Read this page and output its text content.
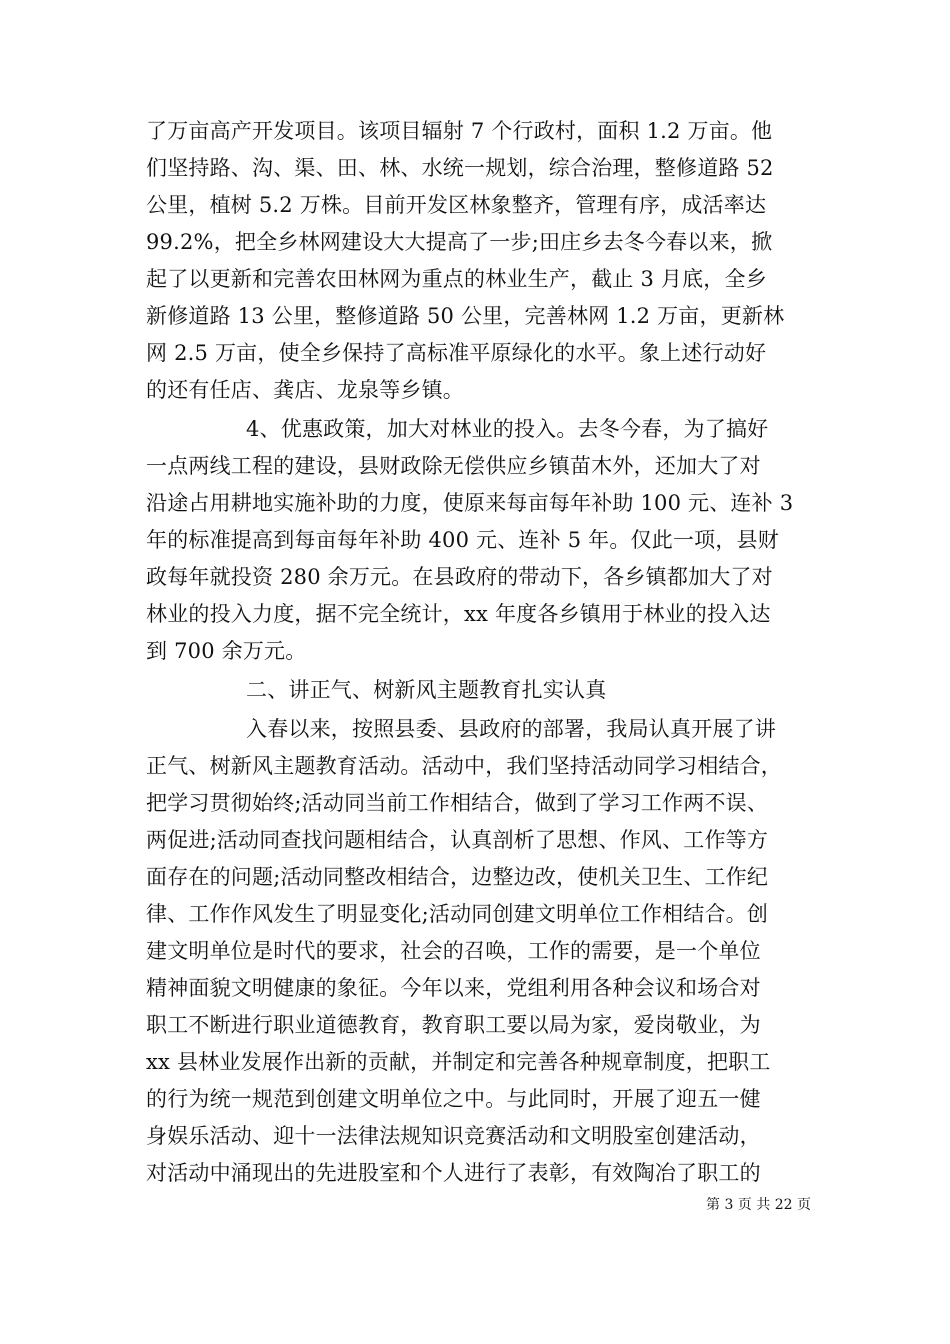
了万亩高产开发项目。该项目辐射 7 个行政村，面积 1.2 万亩。他
们坚持路、沟、渠、田、林、水统一规划，综合治理，整修道路 52
公里，植树 5.2 万株。目前开发区林象整齐，管理有序，成活率达
99.2%，把全乡林网建设大大提高了一步;田庄乡去冬今春以来，掀
起了以更新和完善农田林网为重点的林业生产，截止 3 月底，全乡
新修道路 13 公里，整修道路 50 公里，完善林网 1.2 万亩，更新林
网 2.5 万亩，使全乡保持了高标准平原绿化的水平。象上述行动好
的还有任店、龚店、龙泉等乡镇。
4、优惠政策，加大对林业的投入。去冬今春，为了搞好
一点两线工程的建设，县财政除无偿供应乡镇苗木外，还加大了对
沿途占用耕地实施补助的力度，使原来每亩每年补助 100 元、连补 3
年的标准提高到每亩每年补助 400 元、连补 5 年。仅此一项，县财
政每年就投资 280 余万元。在县政府的带动下，各乡镇都加大了对
林业的投入力度，据不完全统计，xx 年度各乡镇用于林业的投入达
到 700 余万元。
二、讲正气、树新风主题教育扎实认真
入春以来，按照县委、县政府的部署，我局认真开展了讲
正气、树新风主题教育活动。活动中，我们坚持活动同学习相结合，
把学习贯彻始终;活动同当前工作相结合，做到了学习工作两不误、
两促进;活动同查找问题相结合，认真剖析了思想、作风、工作等方
面存在的问题;活动同整改相结合，边整边改，使机关卫生、工作纪
律、工作作风发生了明显变化;活动同创建文明单位工作相结合。创
建文明单位是时代的要求，社会的召唤，工作的需要，是一个单位
精神面貌文明健康的象征。今年以来，党组利用各种会议和场合对
职工不断进行职业道德教育，教育职工要以局为家，爱岗敬业，为
xx 县林业发展作出新的贡献，并制定和完善各种规章制度，把职工
的行为统一规范到创建文明单位之中。与此同时，开展了迎五一健
身娱乐活动、迎十一法律法规知识竞赛活动和文明股室创建活动，
对活动中涌现出的先进股室和个人进行了表彰，有效陶冶了职工的
第 3 页 共 22 页
